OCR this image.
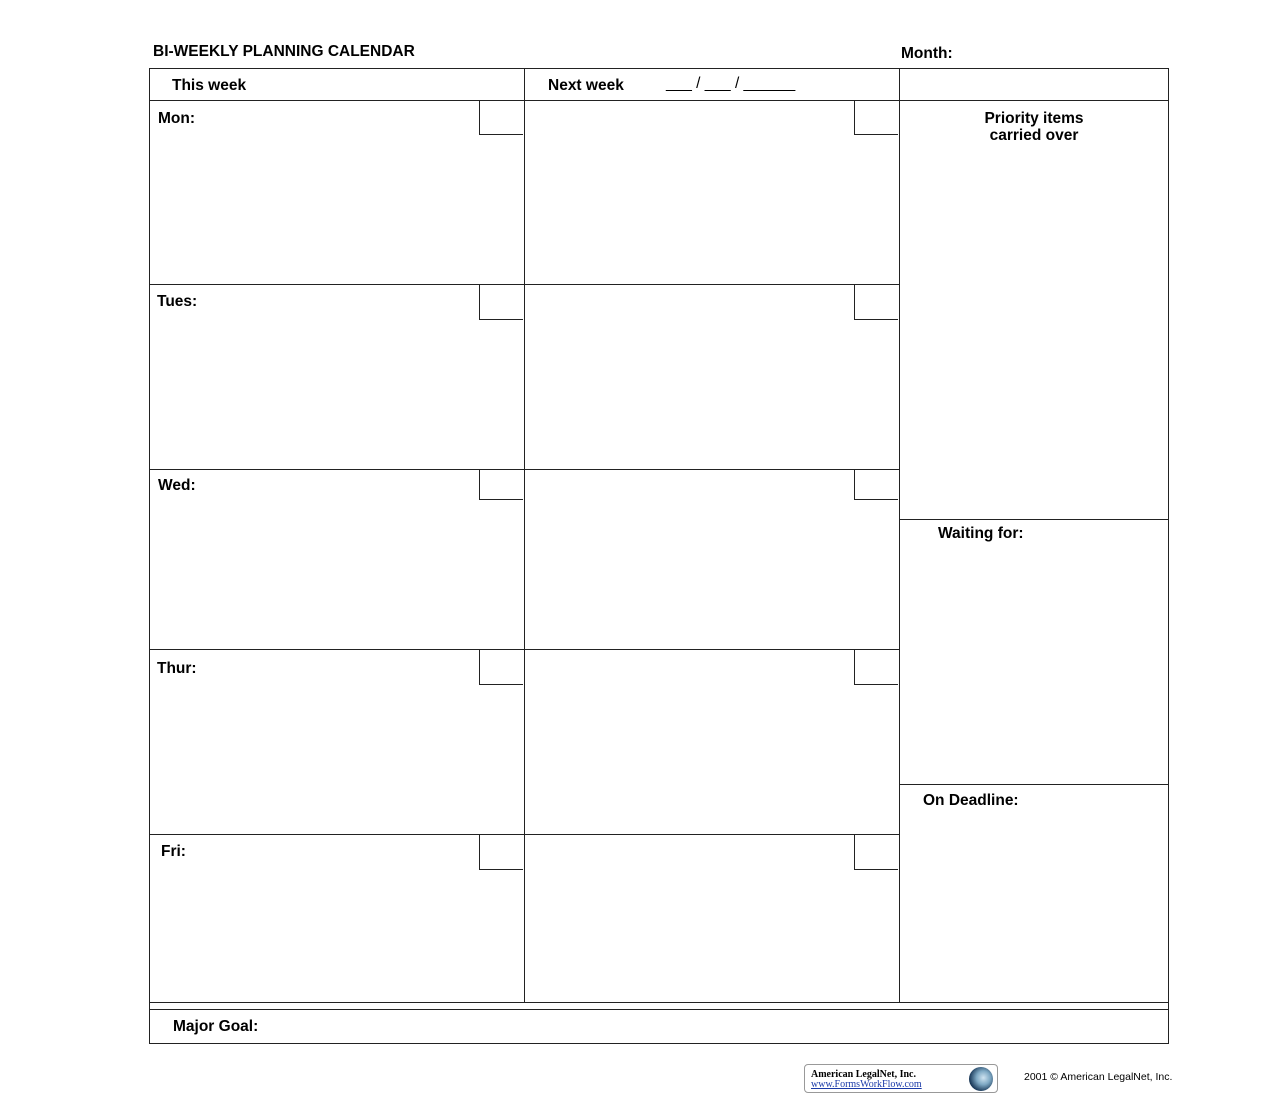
BI-WEEKLY PLANNING CALENDAR	Month:
This week	Next week	___ / ___ / ______
Mon:
Tues:
Wed:
Thur:
Fri:
Priority items
carried over
Waiting for:
On Deadline:
Major Goal:
American LegalNet, Inc.
www.FormsWorkFlow.com
2001 © American LegalNet, Inc.
